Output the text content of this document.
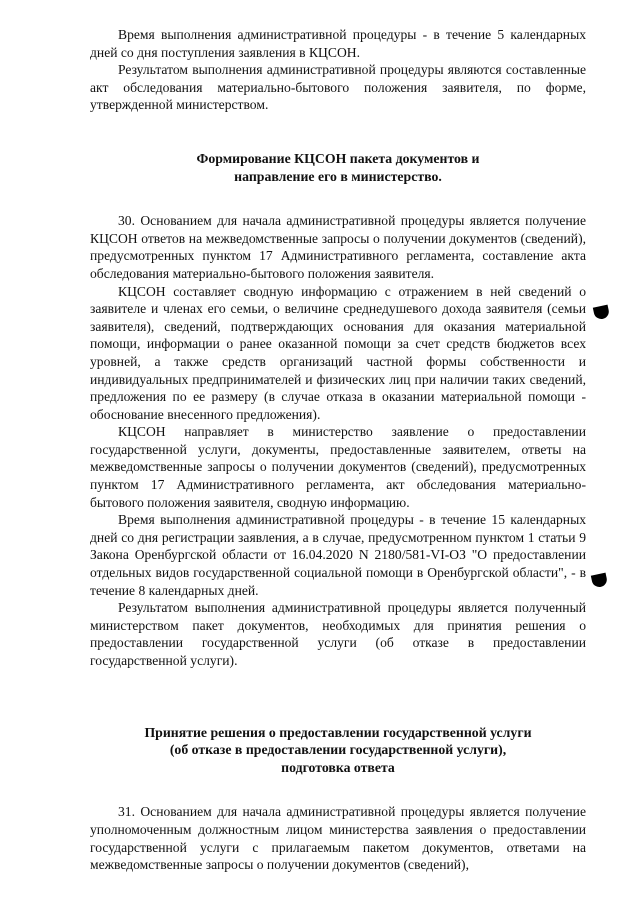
Время выполнения административной процедуры - в течение 5 календарных дней со дня поступления заявления в КЦСОН.

Результатом выполнения административной процедуры являются составленные акт обследования материально-бытового положения заявителя, по форме, утвержденной министерством.

Формирование КЦСОН пакета документов и
направление его в министерство.

30. Основанием для начала административной процедуры является получение КЦСОН ответов на межведомственные запросы о получении документов (сведений), предусмотренных пунктом 17 Административного регламента, составление акта обследования материально-бытового положения заявителя.

КЦСОН составляет сводную информацию с отражением в ней сведений о заявителе и членах его семьи, о величине среднедушевого дохода заявителя (семьи заявителя), сведений, подтверждающих основания для оказания материальной помощи, информации о ранее оказанной помощи за счет средств бюджетов всех уровней, а также средств организаций частной формы собственности и индивидуальных предпринимателей и физических лиц при наличии таких сведений, предложения по ее размеру (в случае отказа в оказании материальной помощи - обоснование внесенного предложения).

КЦСОН направляет в министерство заявление о предоставлении государственной услуги, документы, предоставленные заявителем, ответы на межведомственные запросы о получении документов (сведений), предусмотренных пунктом 17 Административного регламента, акт обследования материально-бытового положения заявителя, сводную информацию.

Время выполнения административной процедуры - в течение 15 календарных дней со дня регистрации заявления, а в случае, предусмотренном пунктом 1 статьи 9 Закона Оренбургской области от 16.04.2020 N 2180/581-VI-ОЗ "О предоставлении отдельных видов государственной социальной помощи в Оренбургской области", - в течение 8 календарных дней.

Результатом выполнения административной процедуры является полученный министерством пакет документов, необходимых для принятия решения о предоставлении государственной услуги (об отказе в предоставлении государственной услуги).

Принятие решения о предоставлении государственной услуги
(об отказе в предоставлении государственной услуги),
подготовка ответа

31. Основанием для начала административной процедуры является получение уполномоченным должностным лицом министерства заявления о предоставлении государственной услуги с прилагаемым пакетом документов, ответами на межведомственные запросы о получении документов (сведений),
